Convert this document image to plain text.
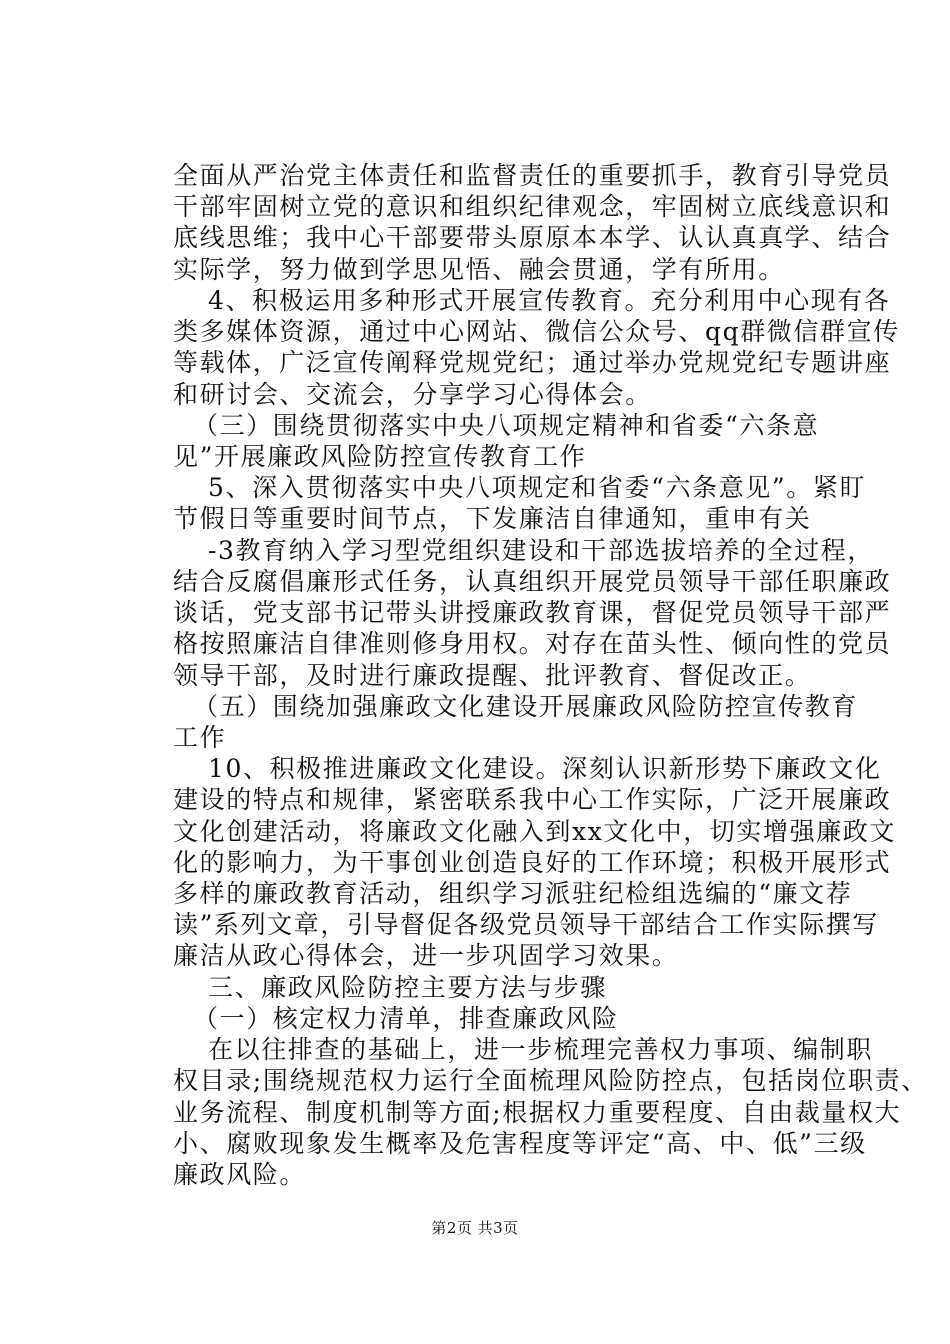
全面从严治党主体责任和监督责任的重要抓手，教育引导党员
干部牢固树立党的意识和组织纪律观念，牢固树立底线意识和
底线思维；我中心干部要带头原原本本学、认认真真学、结合
实际学，努力做到学思见悟、融会贯通，学有所用。
4、积极运用多种形式开展宣传教育。充分利用中心现有各
类多媒体资源，通过中心网站、微信公众号、qq群微信群宣传
等载体，广泛宣传阐释党规党纪；通过举办党规党纪专题讲座
和研讨会、交流会，分享学习心得体会。
（三）围绕贯彻落实中央八项规定精神和省委“六条意
见”开展廉政风险防控宣传教育工作
5、深入贯彻落实中央八项规定和省委“六条意见”。紧盯
节假日等重要时间节点，下发廉洁自律通知，重申有关
-3教育纳入学习型党组织建设和干部选拔培养的全过程，
结合反腐倡廉形式任务，认真组织开展党员领导干部任职廉政
谈话，党支部书记带头讲授廉政教育课，督促党员领导干部严
格按照廉洁自律准则修身用权。对存在苗头性、倾向性的党员
领导干部，及时进行廉政提醒、批评教育、督促改正。
（五）围绕加强廉政文化建设开展廉政风险防控宣传教育
工作
10、积极推进廉政文化建设。深刻认识新形势下廉政文化
建设的特点和规律，紧密联系我中心工作实际，广泛开展廉政
文化创建活动，将廉政文化融入到xx文化中，切实增强廉政文
化的影响力，为干事创业创造良好的工作环境；积极开展形式
多样的廉政教育活动，组织学习派驻纪检组选编的“廉文荐
读”系列文章，引导督促各级党员领导干部结合工作实际撰写
廉洁从政心得体会，进一步巩固学习效果。
三、廉政风险防控主要方法与步骤
（一）核定权力清单，排查廉政风险
在以往排查的基础上，进一步梳理完善权力事项、编制职
权目录;围绕规范权力运行全面梳理风险防控点，包括岗位职责、
业务流程、制度机制等方面;根据权力重要程度、自由裁量权大
小、腐败现象发生概率及危害程度等评定“高、中、低”三级
廉政风险。
第2页 共3页
